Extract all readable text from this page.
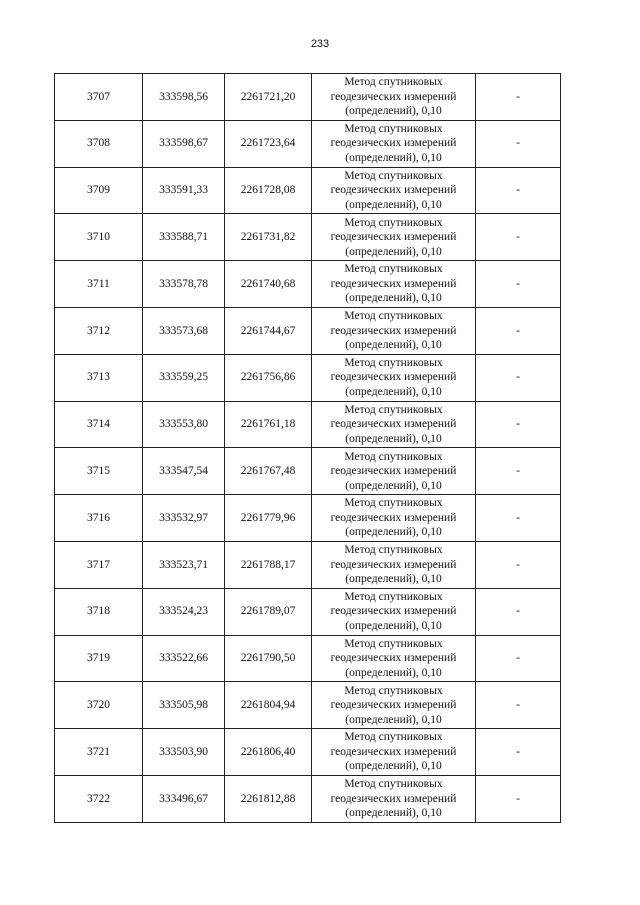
233
3707	333598,56	2261721,20	Метод спутниковых
геодезических измерений
(определений), 0,10	-
3708	333598,67	2261723,64	Метод спутниковых
геодезических измерений
(определений), 0,10	-
3709	333591,33	2261728,08	Метод спутниковых
геодезических измерений
(определений), 0,10	-
3710	333588,71	2261731,82	Метод спутниковых
геодезических измерений
(определений), 0,10	-
3711	333578,78	2261740,68	Метод спутниковых
геодезических измерений
(определений), 0,10	-
3712	333573,68	2261744,67	Метод спутниковых
геодезических измерений
(определений), 0,10	-
3713	333559,25	2261756,86	Метод спутниковых
геодезических измерений
(определений), 0,10	-
3714	333553,80	2261761,18	Метод спутниковых
геодезических измерений
(определений), 0,10	-
3715	333547,54	2261767,48	Метод спутниковых
геодезических измерений
(определений), 0,10	-
3716	333532,97	2261779,96	Метод спутниковых
геодезических измерений
(определений), 0,10	-
3717	333523,71	2261788,17	Метод спутниковых
геодезических измерений
(определений), 0,10	-
3718	333524,23	2261789,07	Метод спутниковых
геодезических измерений
(определений), 0,10	-
3719	333522,66	2261790,50	Метод спутниковых
геодезических измерений
(определений), 0,10	-
3720	333505,98	2261804,94	Метод спутниковых
геодезических измерений
(определений), 0,10	-
3721	333503,90	2261806,40	Метод спутниковых
геодезических измерений
(определений), 0,10	-
3722	333496,67	2261812,88	Метод спутниковых
геодезических измерений
(определений), 0,10	-
